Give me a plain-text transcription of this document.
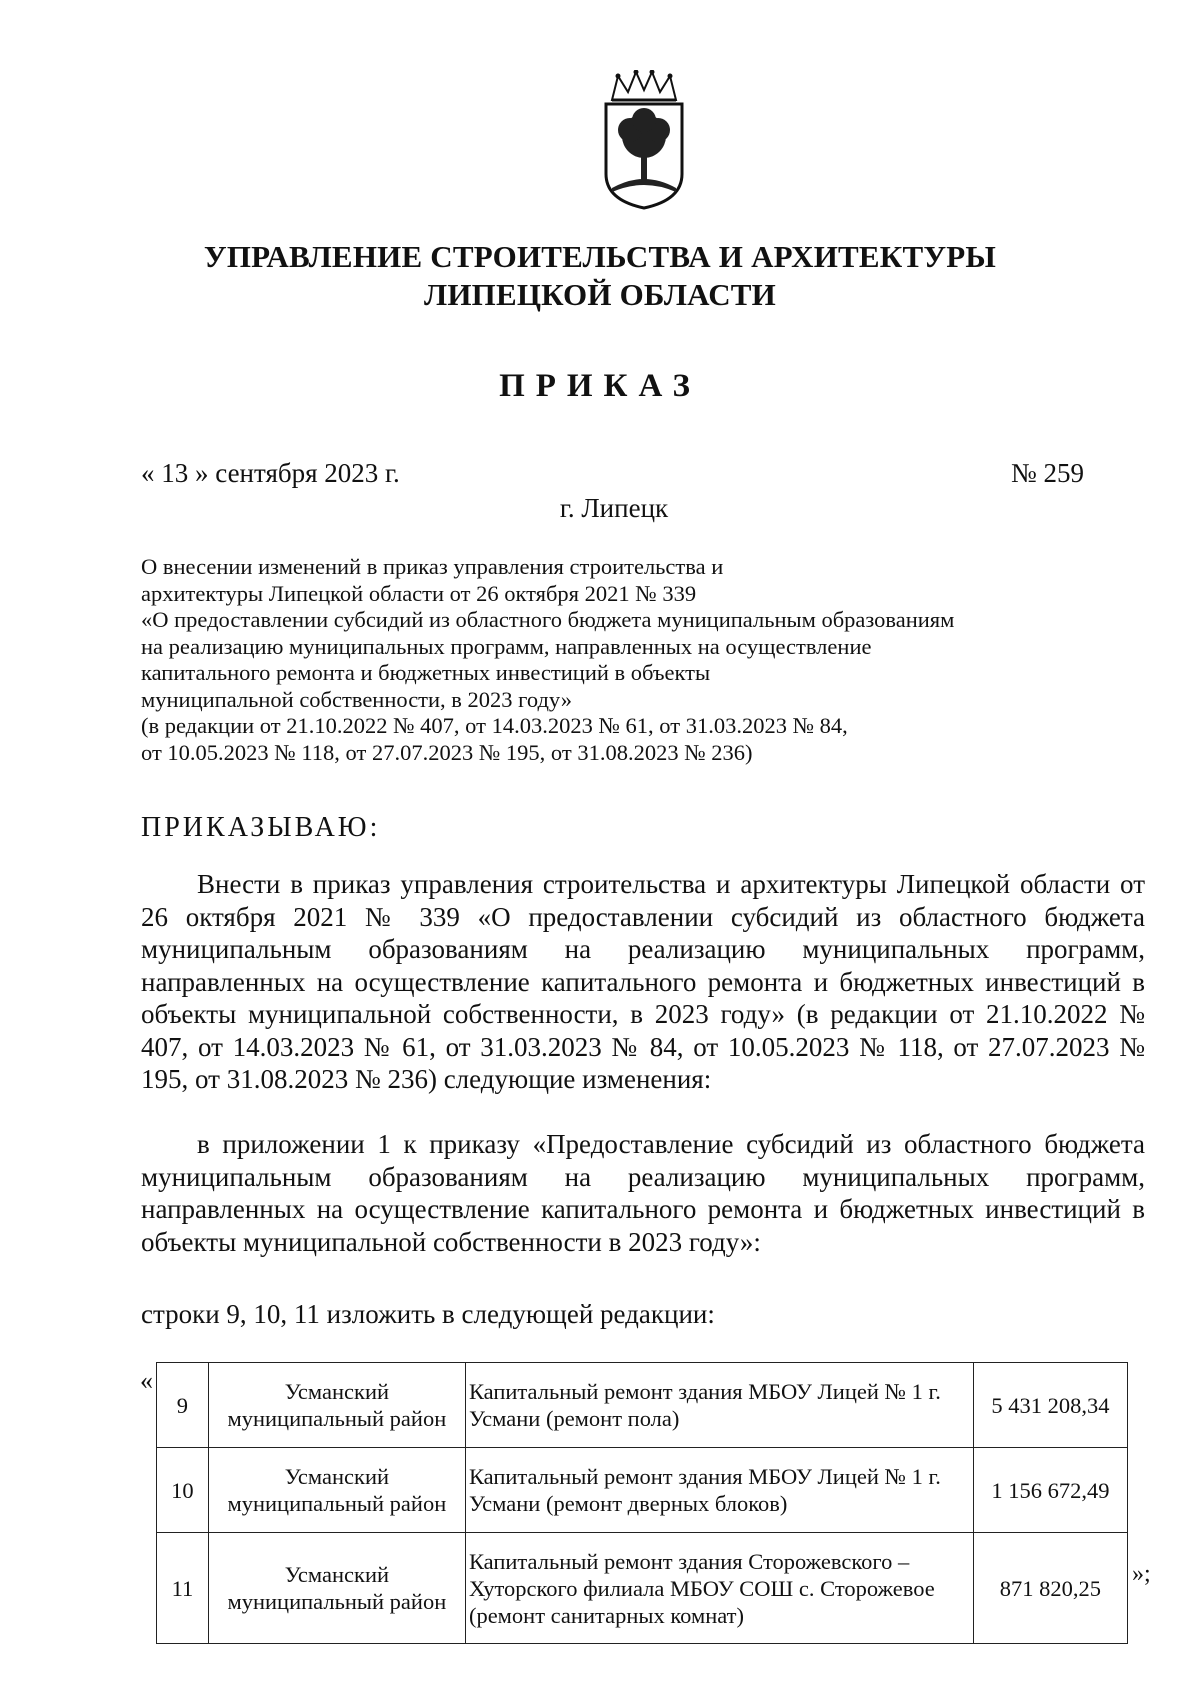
УПРАВЛЕНИЕ СТРОИТЕЛЬСТВА И АРХИТЕКТУРЫ
ЛИПЕЦКОЙ ОБЛАСТИ
ПРИКАЗ
« 13 » сентября 2023 г.	№ 259
г. Липецк
О внесении изменений в приказ управления строительства и
архитектуры Липецкой области от 26 октября 2021 № 339
«О предоставлении субсидий из областного бюджета муниципальным образованиям
на реализацию муниципальных программ, направленных на осуществление
капитального ремонта и бюджетных инвестиций в объекты
муниципальной собственности, в 2023 году»
(в редакции от 21.10.2022 № 407, от 14.03.2023 № 61, от 31.03.2023 № 84,
от 10.05.2023 № 118, от 27.07.2023 № 195, от 31.08.2023 № 236)
ПРИКАЗЫВАЮ:
Внести в приказ управления строительства и архитектуры Липецкой области от 26 октября 2021 № 339 «О предоставлении субсидий из областного бюджета муниципальным образованиям на реализацию муниципальных программ, направленных на осуществление капитального ремонта и бюджетных инвестиций в объекты муниципальной собственности, в 2023 году» (в редакции от 21.10.2022 № 407, от 14.03.2023 № 61, от 31.03.2023 № 84, от 10.05.2023 № 118, от 27.07.2023 № 195, от 31.08.2023 № 236) следующие изменения:
в приложении 1 к приказу «Предоставление субсидий из областного бюджета муниципальным образованиям на реализацию муниципальных программ, направленных на осуществление капитального ремонта и бюджетных инвестиций в объекты муниципальной собственности в 2023 году»:
строки 9, 10, 11 изложить в следующей редакции:
«
9	Усманский муниципальный район	Капитальный ремонт здания МБОУ Лицей № 1 г. Усмани (ремонт пола)	5 431 208,34
10	Усманский муниципальный район	Капитальный ремонт здания МБОУ Лицей № 1 г. Усмани (ремонт дверных блоков)	1 156 672,49
11	Усманский муниципальный район	Капитальный ремонт здания Сторожевского – Хуторского филиала МБОУ СОШ с. Сторожевое (ремонт санитарных комнат)	871 820,25
»;
